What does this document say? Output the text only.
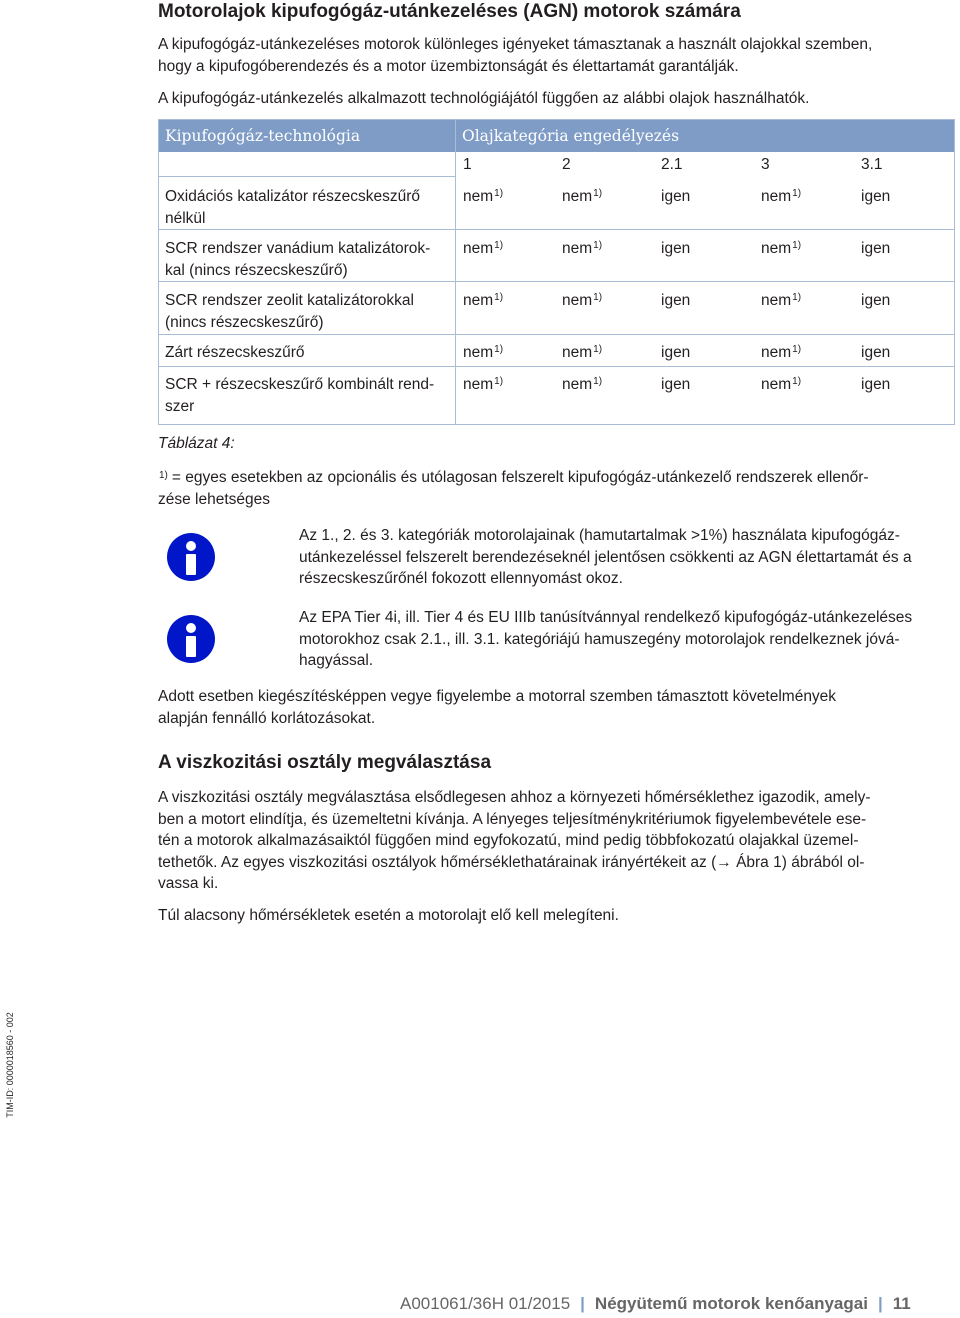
Motorolajok kipufogógáz-utánkezeléses (AGN) motorok számára
A kipufogógáz-utánkezeléses motorok különleges igényeket támasztanak a használt olajokkal szemben,
hogy a kipufogóberendezés és a motor üzembiztonságát és élettartamát garantálják.
A kipufogógáz-utánkezelés alkalmazott technológiájától függően az alábbi olajok használhatók.
Kipufogógáz-technológia	Olajkategória engedélyezés
1	2	2.1	3	3.1
Oxidációs katalizátor részecskeszűrő
nélkül
nem$^{1)}$	nem$^{1)}$	igen	nem$^{1)}$	igen
SCR rendszer vanádium katalizátorok-
kal (nincs részecskeszűrő)
nem$^{1)}$	nem$^{1)}$	igen	nem$^{1)}$	igen
SCR rendszer zeolit katalizátorokkal
(nincs részecskeszűrő)
nem$^{1)}$	nem$^{1)}$	igen	nem$^{1)}$	igen
Zárt részecskeszűrő	nem$^{1)}$	nem$^{1)}$	igen	nem$^{1)}$	igen
SCR + részecskeszűrő kombinált rend-
szer
nem$^{1)}$	nem$^{1)}$	igen	nem$^{1)}$	igen
Táblázat 4:
$^{1)}$ = egyes esetekben az opcionális és utólagosan felszerelt kipufogógáz-utánkezelő rendszerek ellenőr-
zése lehetséges
Az 1., 2. és 3. kategóriák motorolajainak (hamutartalmak >1%) használata kipufogógáz-
utánkezeléssel felszerelt berendezéseknél jelentősen csökkenti az AGN élettartamát és a
részecskeszűrőnél fokozott ellennyomást okoz.
Az EPA Tier 4i, ill. Tier 4 és EU IIIb tanúsítvánnyal rendelkező kipufogógáz-utánkezeléses
motorokhoz csak 2.1., ill. 3.1. kategóriájú hamuszegény motorolajok rendelkeznek jóvá-
hagyással.
Adott esetben kiegészítésképpen vegye figyelembe a motorral szemben támasztott követelmények
alapján fennálló korlátozásokat.
A viszkozitási osztály megválasztása
A viszkozitási osztály megválasztása elsődlegesen ahhoz a környezeti hőmérséklethez igazodik, amely-
ben a motort elindítja, és üzemeltetni kívánja. A lényeges teljesítménykritériumok figyelembevétele ese-
tén a motorok alkalmazásaiktól függően mind egyfokozatú, mind pedig többfokozatú olajakkal üzemel-
tethetők. Az egyes viszkozitási osztályok hőmérséklethatárainak irányértékeit az (→ Ábra 1) ábrából ol-
vassa ki.
Túl alacsony hőmérsékletek esetén a motorolajt elő kell melegíteni.
TIM-ID: 0000018560 - 002
A001061/36H 01/2015 | Négyütemű motorok kenőanyagai | 11
